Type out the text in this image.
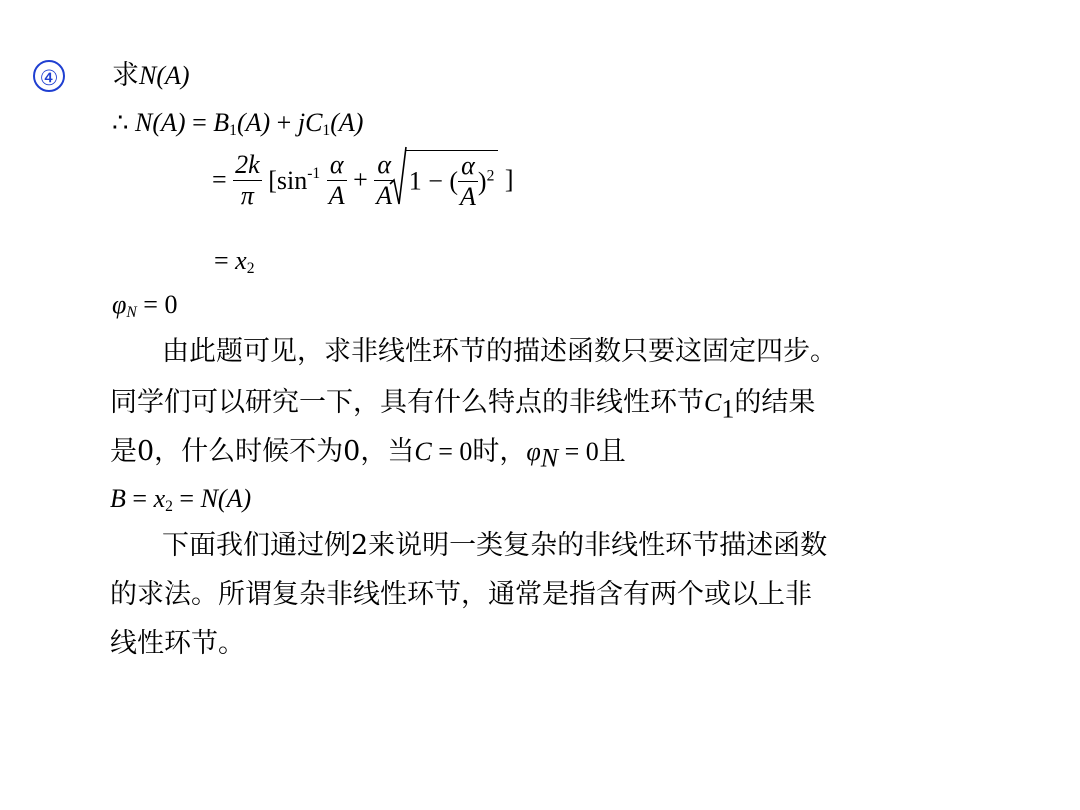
④ 求N(A)
∴ $N(A) = B_1(A) + jC_1(A)$
= $\frac{2k}{\pi} [\sin^{-1} \frac{\alpha}{A} + \frac{\alpha}{A}$
1 − ( $\frac{\alpha}{A} )^2$ ]
= $x_2$
$\varphi_N = 0$
由此题可见，求非线性环节的描述函数只要这固定四步。
同学们可以研究一下，具有什么特点的非线性环节$C_1$的结果
是0，什么时候不为0，当C = 0时，$\varphi_N = 0$且
$B = x_2 = N(A)$
下面我们通过例2来说明一类复杂的非线性环节描述函数
的求法。所谓复杂非线性环节，通常是指含有两个或以上非
线性环节。
